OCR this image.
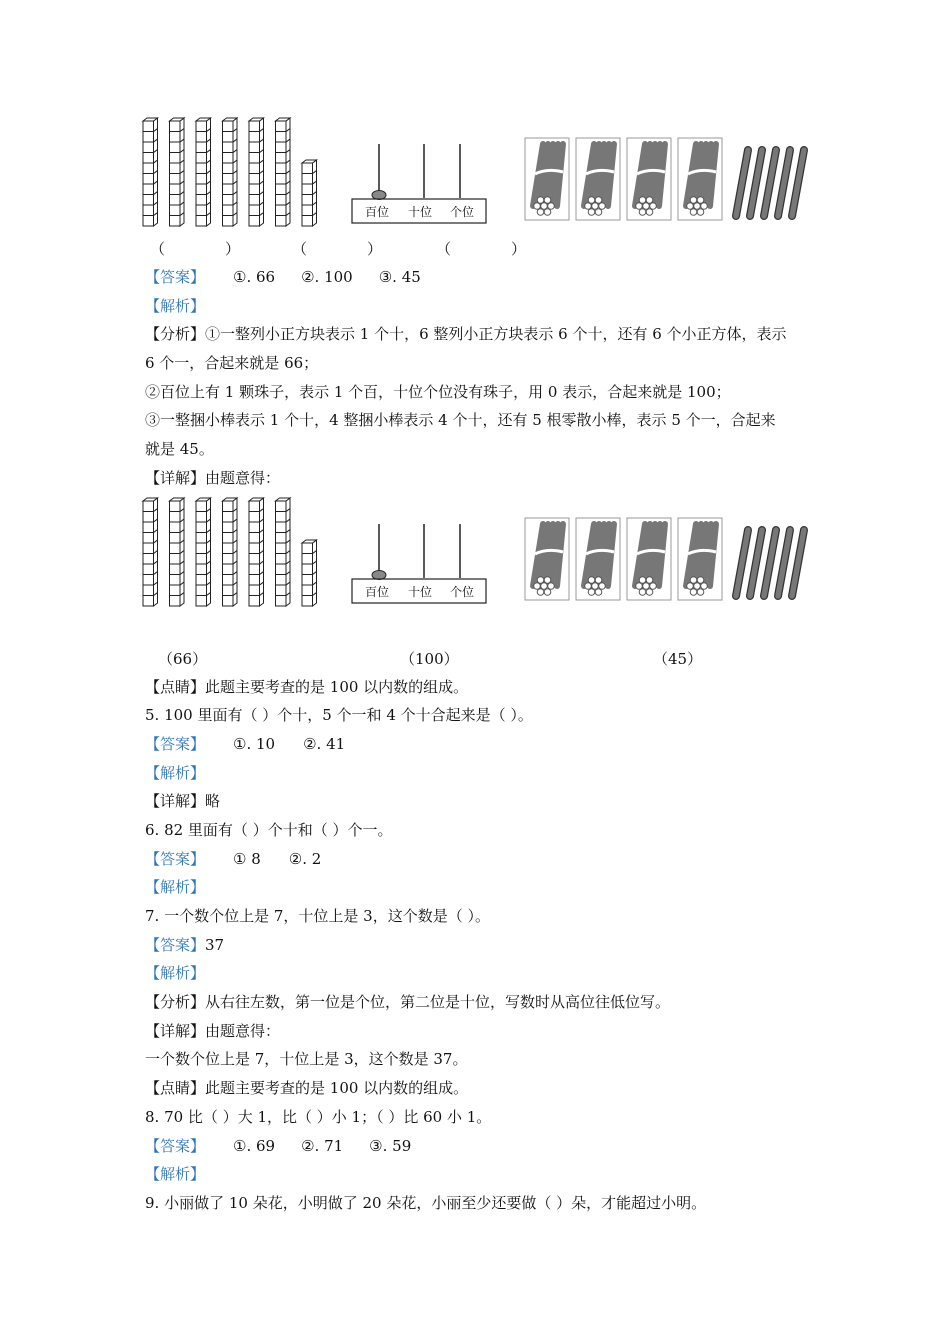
百位 十位 个位
（	）	（	）	（	）
【答案】 ①. 66 ②. 100 ③. 45
【解析】
【分析】①一整列小正方块表示 1 个十，6 整列小正方块表示 6 个十，还有 6 个小正方体，表示
6 个一，合起来就是 66；
②百位上有 1 颗珠子，表示 1 个百，十位个位没有珠子，用 0 表示，合起来就是 100；
③一整捆小棒表示 1 个十，4 整捆小棒表示 4 个十，还有 5 根零散小棒，表示 5 个一，合起来
就是 45。
【详解】由题意得：
百位 十位 个位
（66）	（100）	（45）
【点睛】此题主要考查的是 100 以内数的组成。
5. 100 里面有（ ）个十，5 个一和 4 个十合起来是（ ）。
【答案】 ①. 10 ②. 41
【解析】
【详解】略
6. 82 里面有（ ）个十和（ ）个一。
【答案】 ① 8 ②. 2
【解析】
7. 一个数个位上是 7，十位上是 3，这个数是（ ）。
【答案】37
【解析】
【分析】从右往左数，第一位是个位，第二位是十位，写数时从高位往低位写。
【详解】由题意得：
一个数个位上是 7，十位上是 3，这个数是 37。
【点睛】此题主要考查的是 100 以内数的组成。
8. 70 比（ ）大 1，比（ ）小 1；（ ）比 60 小 1。
【答案】 ①. 69 ②. 71 ③. 59
【解析】
9. 小丽做了 10 朵花，小明做了 20 朵花，小丽至少还要做（ ）朵，才能超过小明。
